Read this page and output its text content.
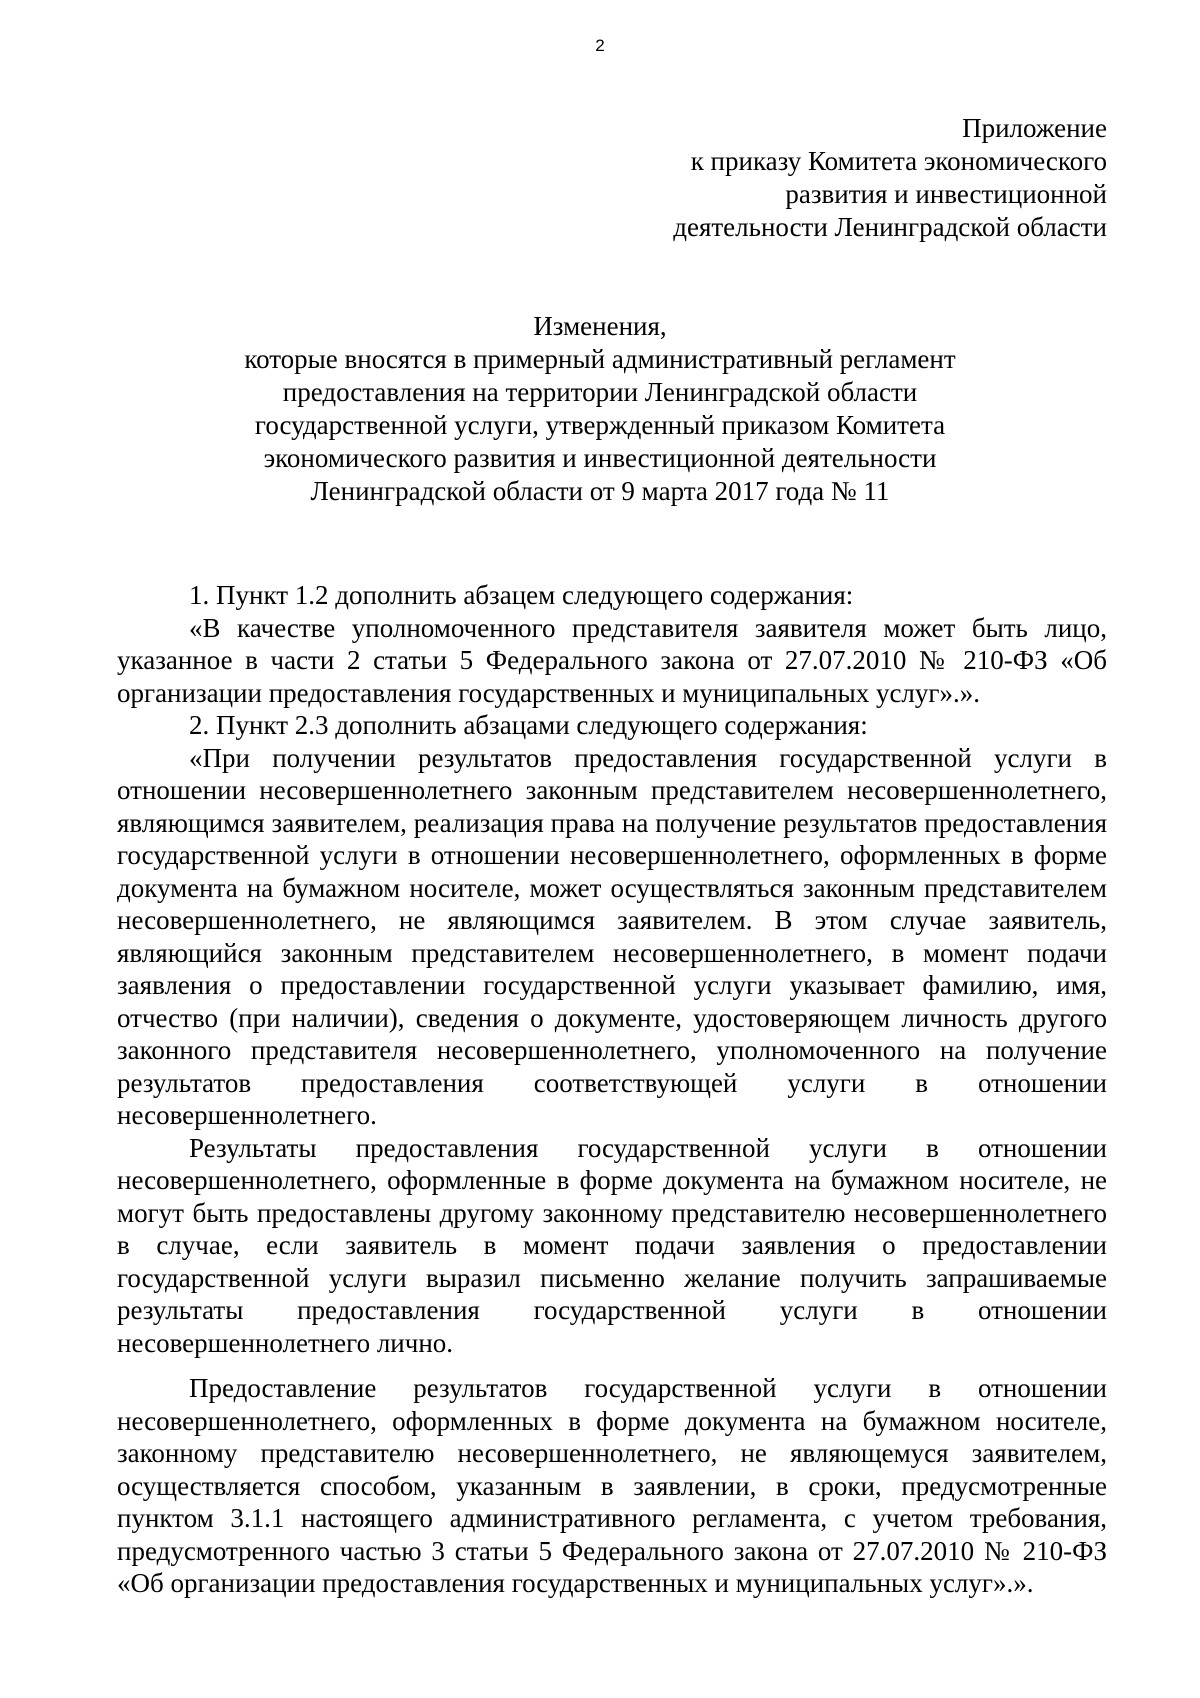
2
Приложение
к приказу Комитета экономического
развития и инвестиционной
деятельности Ленинградской области
Изменения,
которые вносятся в примерный административный регламент
предоставления на территории Ленинградской области
государственной услуги, утвержденный приказом Комитета
экономического развития и инвестиционной деятельности
Ленинградской области от 9 марта 2017 года № 11

1. Пункт 1.2 дополнить абзацем следующего содержания:

«В качестве уполномоченного представителя заявителя может быть лицо, указанное в части 2 статьи 5 Федерального закона от 27.07.2010 № 210-ФЗ «Об организации предоставления государственных и муниципальных услуг».».

2. Пункт 2.3 дополнить абзацами следующего содержания:

«При получении результатов предоставления государственной услуги в отношении несовершеннолетнего законным представителем несовершеннолетнего, являющимся заявителем, реализация права на получение результатов предоставления государственной услуги в отношении несовершеннолетнего, оформленных в форме документа на бумажном носителе, может осуществляться законным представителем несовершеннолетнего, не являющимся заявителем. В этом случае заявитель, являющийся законным представителем несовершеннолетнего, в момент подачи заявления о предоставлении государственной услуги указывает фамилию, имя, отчество (при наличии), сведения о документе, удостоверяющем личность другого законного представителя несовершеннолетнего, уполномоченного на получение результатов предоставления соответствующей услуги в отношении несовершеннолетнего.

Результаты предоставления государственной услуги в отношении несовершеннолетнего, оформленные в форме документа на бумажном носителе, не могут быть предоставлены другому законному представителю несовершеннолетнего в случае, если заявитель в момент подачи заявления о предоставлении государственной услуги выразил письменно желание получить запрашиваемые результаты предоставления государственной услуги в отношении несовершеннолетнего лично.

Предоставление результатов государственной услуги в отношении несовершеннолетнего, оформленных в форме документа на бумажном носителе, законному представителю несовершеннолетнего, не являющемуся заявителем, осуществляется способом, указанным в заявлении, в сроки, предусмотренные пунктом 3.1.1 настоящего административного регламента, с учетом требования, предусмотренного частью 3 статьи 5 Федерального закона от 27.07.2010 № 210-ФЗ «Об организации предоставления государственных и муниципальных услуг».».
